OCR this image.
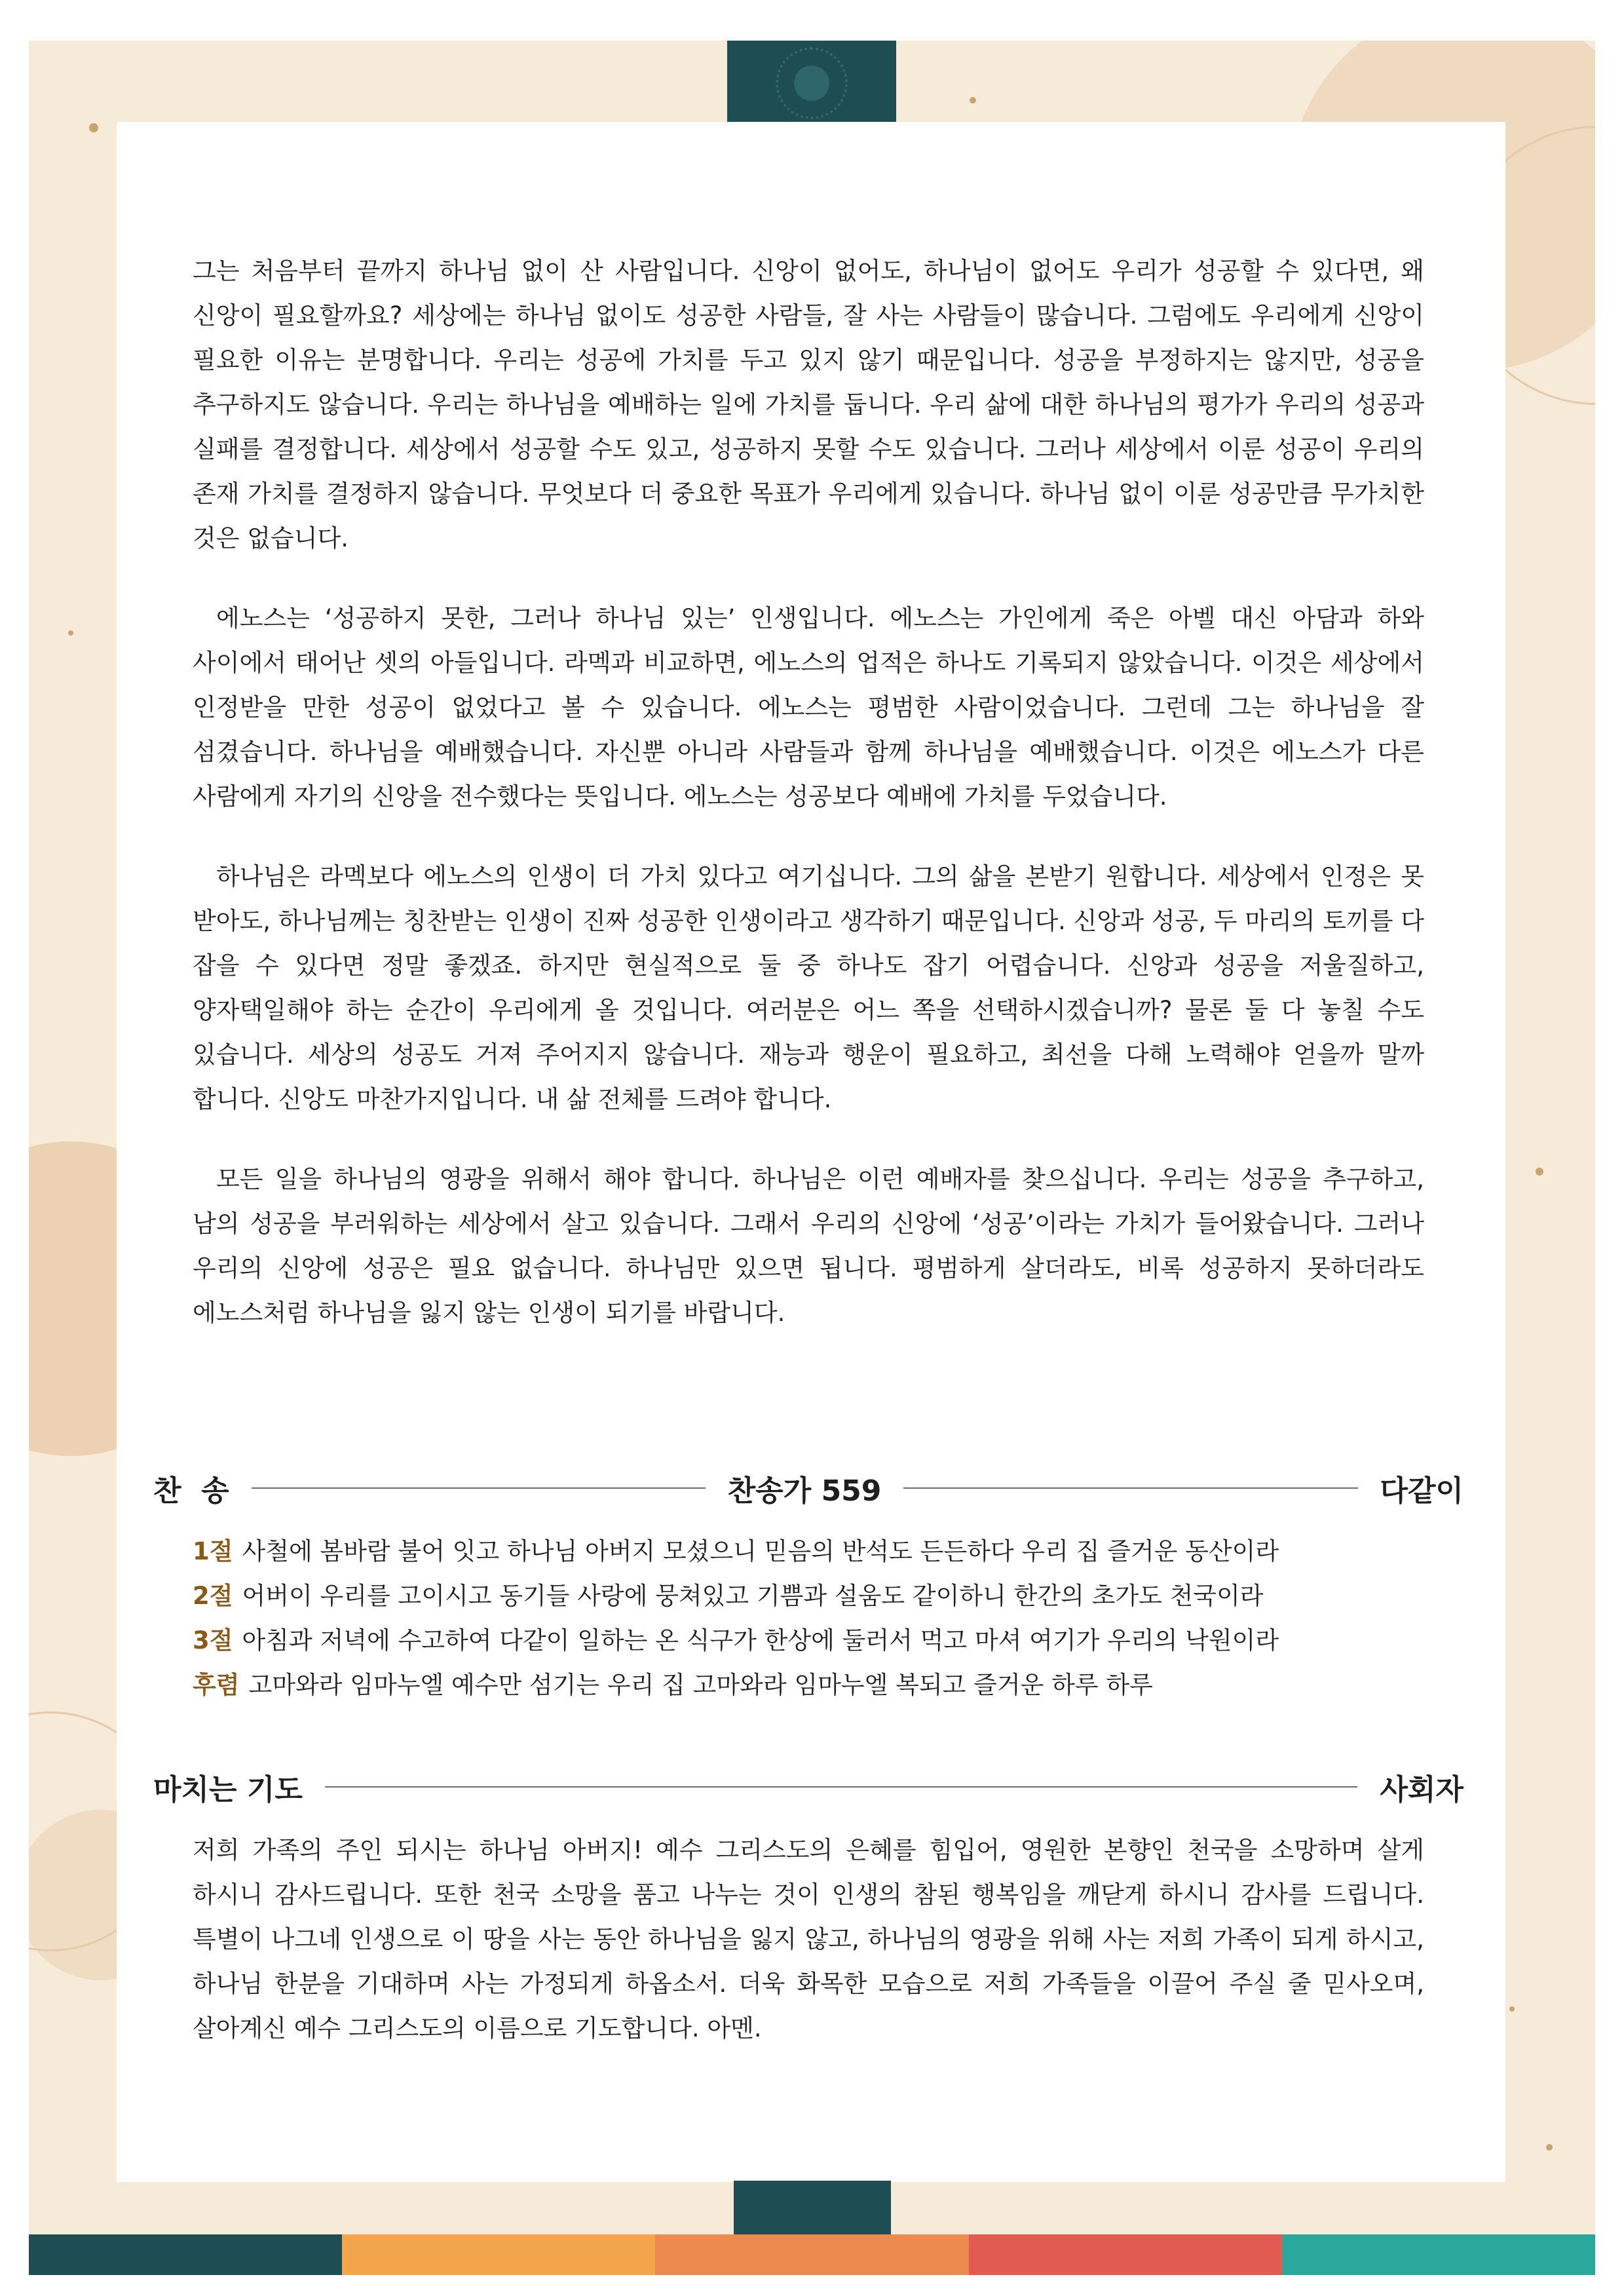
그는 처음부터 끝까지 하나님 없이 산 사람입니다. 신앙이 없어도, 하나님이 없어도 우리가 성공할 수 있다면, 왜 신앙이 필요할까요? 세상에는 하나님 없이도 성공한 사람들, 잘 사는 사람들이 많습니다. 그럼에도 우리에게 신앙이 필요한 이유는 분명합니다. 우리는 성공에 가치를 두고 있지 않기 때문입니다. 성공을 부정하지는 않지만, 성공을 추구하지도 않습니다. 우리는 하나님을 예배하는 일에 가치를 둡니다. 우리 삶에 대한 하나님의 평가가 우리의 성공과 실패를 결정합니다. 세상에서 성공할 수도 있고, 성공하지 못할 수도 있습니다. 그러나 세상에서 이룬 성공이 우리의 존재 가치를 결정하지 않습니다. 무엇보다 더 중요한 목표가 우리에게 있습니다. 하나님 없이 이룬 성공만큼 무가치한 것은 없습니다.

에노스는 ‘성공하지 못한, 그러나 하나님 있는’ 인생입니다. 에노스는 가인에게 죽은 아벨 대신 아담과 하와 사이에서 태어난 셋의 아들입니다. 라멕과 비교하면, 에노스의 업적은 하나도 기록되지 않았습니다. 이것은 세상에서 인정받을 만한 성공이 없었다고 볼 수 있습니다. 에노스는 평범한 사람이었습니다. 그런데 그는 하나님을 잘 섬겼습니다. 하나님을 예배했습니다. 자신뿐 아니라 사람들과 함께 하나님을 예배했습니다. 이것은 에노스가 다른 사람에게 자기의 신앙을 전수했다는 뜻입니다. 에노스는 성공보다 예배에 가치를 두었습니다.

하나님은 라멕보다 에노스의 인생이 더 가치 있다고 여기십니다. 그의 삶을 본받기 원합니다. 세상에서 인정은 못 받아도, 하나님께는 칭찬받는 인생이 진짜 성공한 인생이라고 생각하기 때문입니다. 신앙과 성공, 두 마리의 토끼를 다 잡을 수 있다면 정말 좋겠죠. 하지만 현실적으로 둘 중 하나도 잡기 어렵습니다. 신앙과 성공을 저울질하고, 양자택일해야 하는 순간이 우리에게 올 것입니다. 여러분은 어느 쪽을 선택하시겠습니까? 물론 둘 다 놓칠 수도 있습니다. 세상의 성공도 거져 주어지지 않습니다. 재능과 행운이 필요하고, 최선을 다해 노력해야 얻을까 말까 합니다. 신앙도 마찬가지입니다. 내 삶 전체를 드려야 합니다.

모든 일을 하나님의 영광을 위해서 해야 합니다. 하나님은 이런 예배자를 찾으십니다. 우리는 성공을 추구하고, 남의 성공을 부러워하는 세상에서 살고 있습니다. 그래서 우리의 신앙에 ‘성공’이라는 가치가 들어왔습니다. 그러나 우리의 신앙에 성공은 필요 없습니다. 하나님만 있으면 됩니다. 평범하게 살더라도, 비록 성공하지 못하더라도 에노스처럼 하나님을 잃지 않는 인생이 되기를 바랍니다.

찬  송	찬송가 559	다같이
1절 사철에 봄바람 불어 잇고 하나님 아버지 모셨으니 믿음의 반석도 든든하다 우리 집 즐거운 동산이라
2절 어버이 우리를 고이시고 동기들 사랑에 뭉쳐있고 기쁨과 설움도 같이하니 한간의 초가도 천국이라
3절 아침과 저녁에 수고하여 다같이 일하는 온 식구가 한상에 둘러서 먹고 마셔 여기가 우리의 낙원이라
후렴 고마와라 임마누엘 예수만 섬기는 우리 집 고마와라 임마누엘 복되고 즐거운 하루 하루
마치는 기도	사회자

저희 가족의 주인 되시는 하나님 아버지! 예수 그리스도의 은혜를 힘입어, 영원한 본향인 천국을 소망하며 살게 하시니 감사드립니다. 또한 천국 소망을 품고 나누는 것이 인생의 참된 행복임을 깨닫게 하시니 감사를 드립니다. 특별이 나그네 인생으로 이 땅을 사는 동안 하나님을 잃지 않고, 하나님의 영광을 위해 사는 저희 가족이 되게 하시고, 하나님 한분을 기대하며 사는 가정되게 하옵소서. 더욱 화목한 모습으로 저희 가족들을 이끌어 주실 줄 믿사오며, 살아계신 예수 그리스도의 이름으로 기도합니다. 아멘.
